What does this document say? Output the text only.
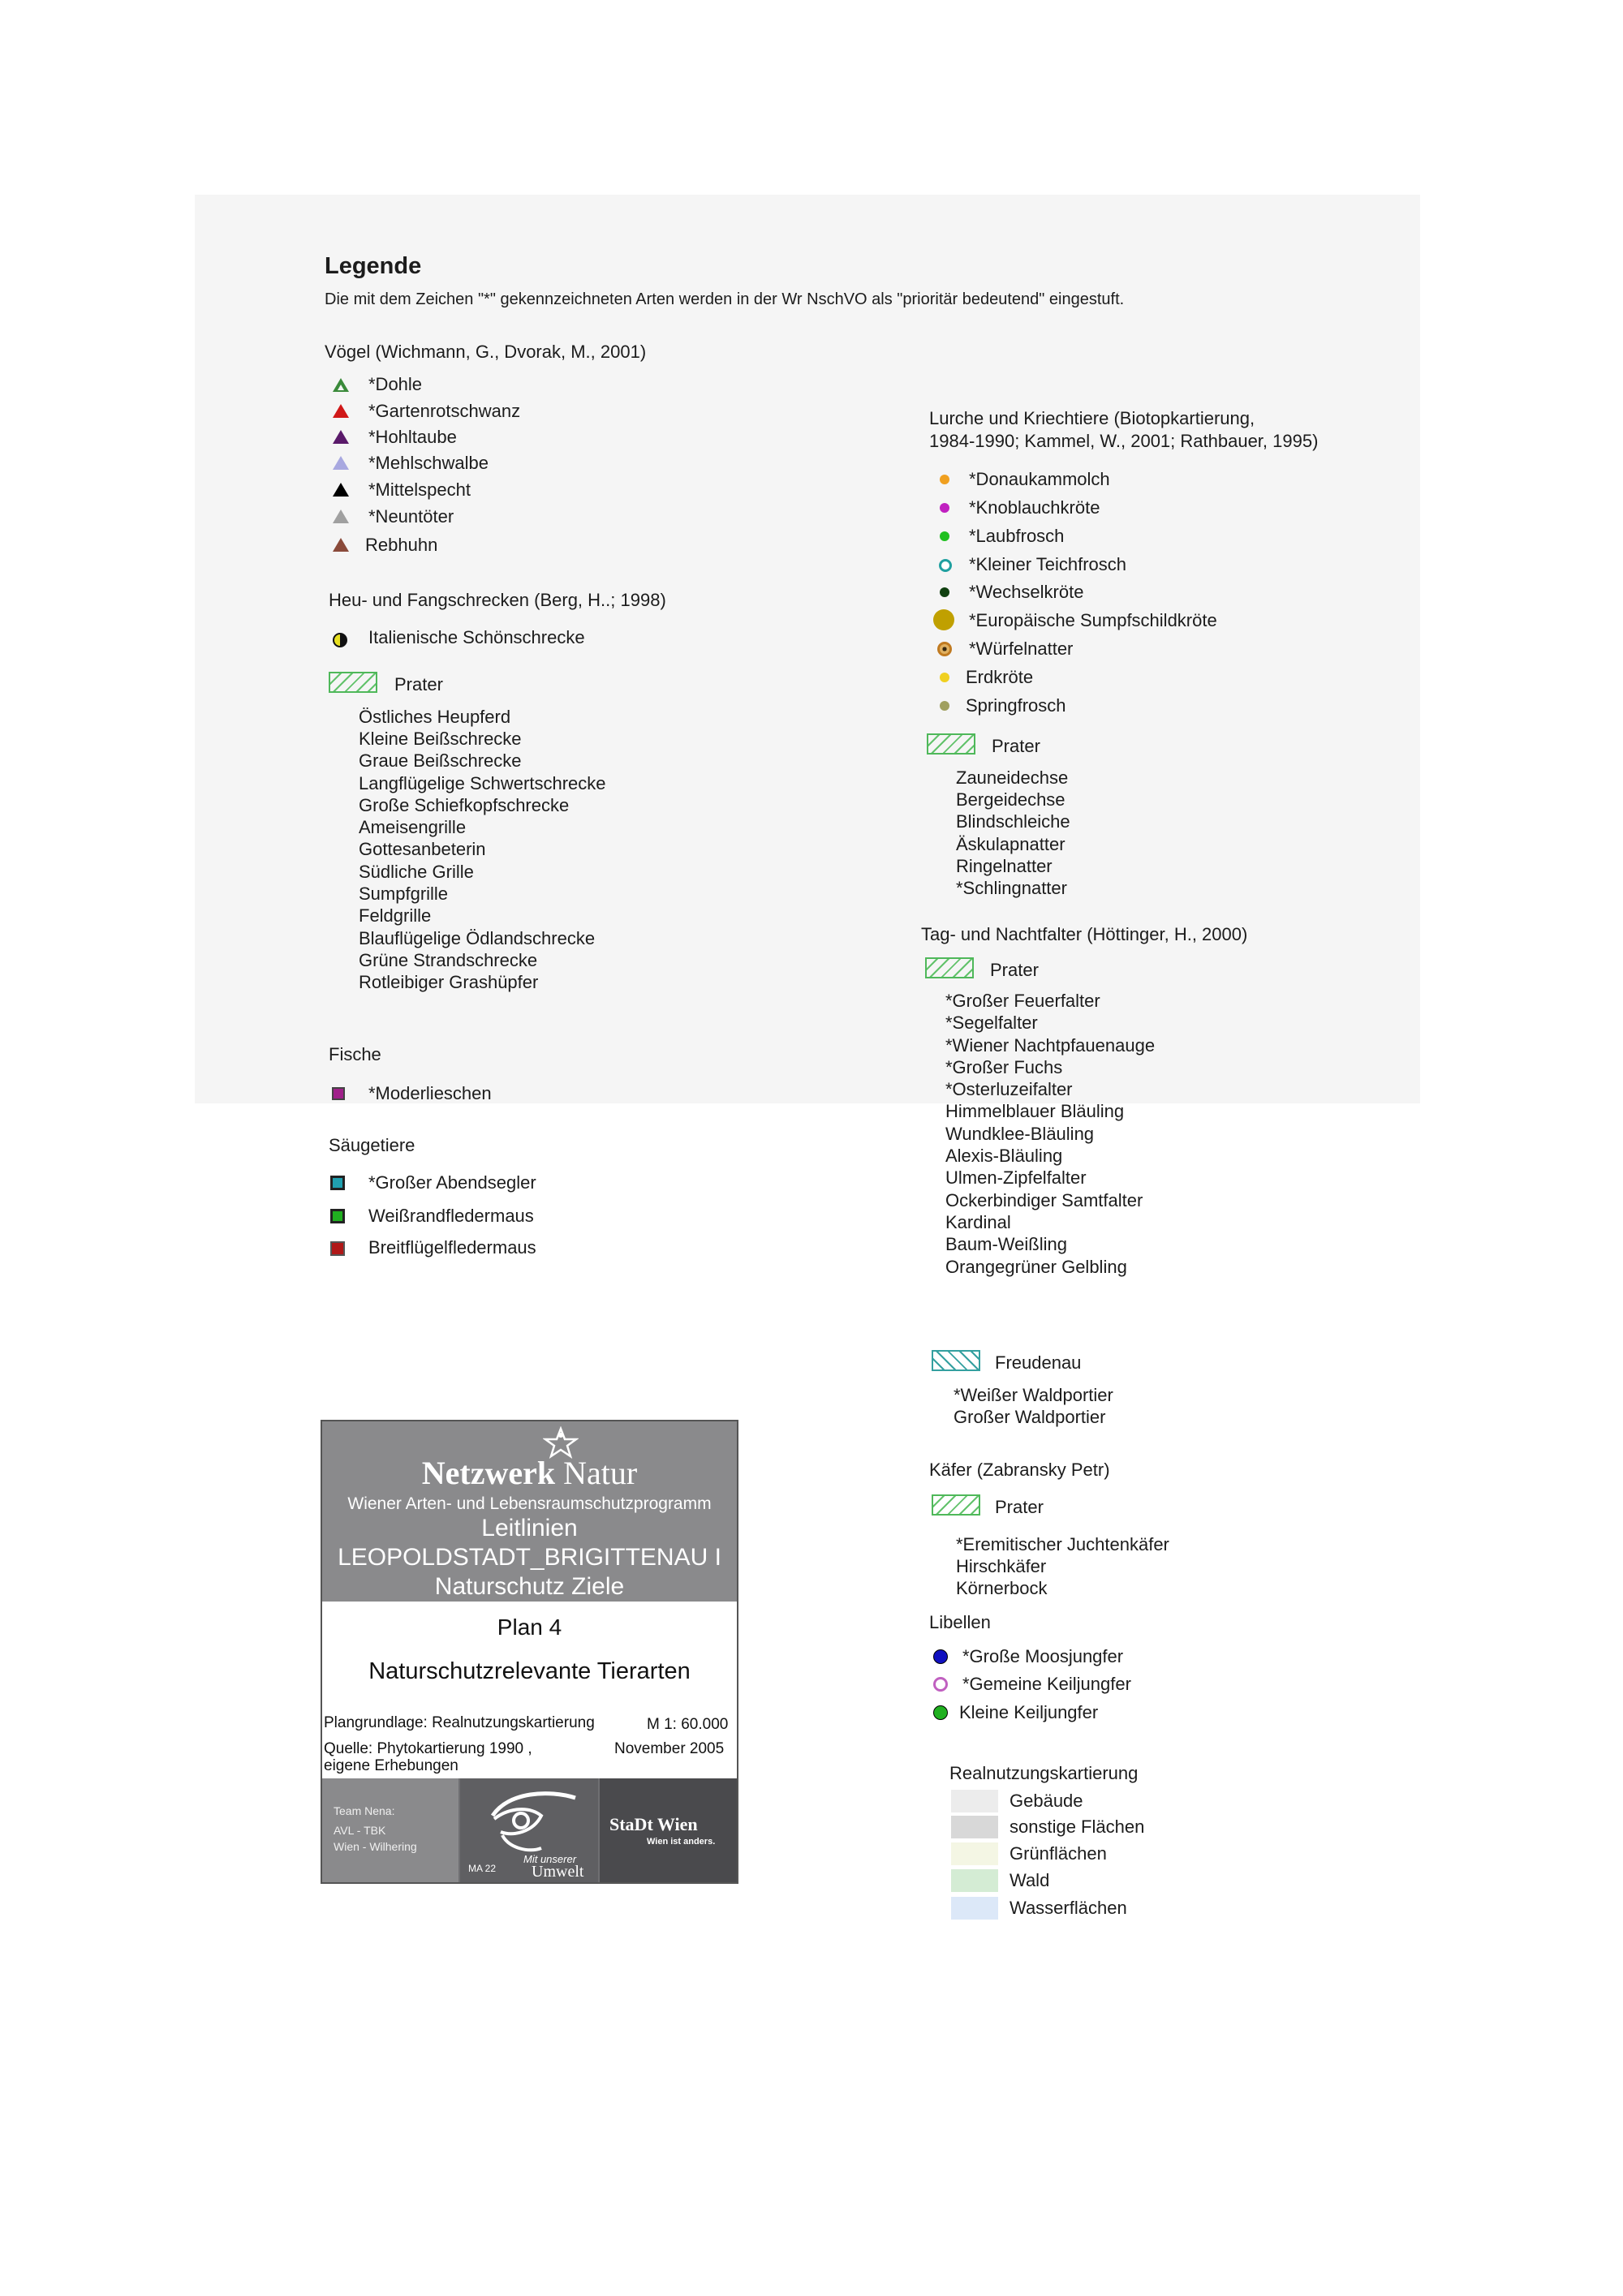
Legende
Die mit dem Zeichen "*" gekennzeichneten Arten werden in der Wr NschVO als "prioritär bedeutend" eingestuft.
Vögel (Wichmann, G., Dvorak, M., 2001)
*Dohle
*Gartenrotschwanz
*Hohltaube
*Mehlschwalbe
*Mittelspecht
*Neuntöter
Rebhuhn
Heu- und Fangschrecken (Berg, H..; 1998)
Italienische Schönschrecke
Prater
Östliches Heupferd
Kleine Beißschrecke
Graue Beißschrecke
Langflügelige Schwertschrecke
Große Schiefkopfschrecke
Ameisengrille
Gottesanbeterin
Südliche Grille
Sumpfgrille
Feldgrille
Blauflügelige Ödlandschrecke
Grüne Strandschrecke
Rotleibiger Grashüpfer
Fische
*Moderlieschen
Säugetiere
*Großer Abendsegler
Weißrandfledermaus
Breitflügelfledermaus
Lurche und Kriechtiere (Biotopkartierung,
1984-1990; Kammel, W., 2001; Rathbauer, 1995)
*Donaukammolch
*Knoblauchkröte
*Laubfrosch
*Kleiner Teichfrosch
*Wechselkröte
*Europäische Sumpfschildkröte
*Würfelnatter
Erdkröte
Springfrosch
Prater
Zauneidechse
Bergeidechse
Blindschleiche
Äskulapnatter
Ringelnatter
*Schlingnatter
Tag- und Nachtfalter (Höttinger, H., 2000)
Prater
*Großer Feuerfalter
*Segelfalter
*Wiener Nachtpfauenauge
*Großer Fuchs
*Osterluzeifalter
Himmelblauer Bläuling
Wundklee-Bläuling
Alexis-Bläuling
Ulmen-Zipfelfalter
Ockerbindiger Samtfalter
Kardinal
Baum-Weißling
Orangegrüner Gelbling
Freudenau
*Weißer Waldportier
Großer Waldportier
Käfer (Zabransky Petr)
Prater
*Eremitischer Juchtenkäfer
Hirschkäfer
Körnerbock
Libellen
*Große Moosjungfer
*Gemeine Keiljungfer
Kleine Keiljungfer
Realnutzungskartierung
Gebäude
sonstige Flächen
Grünflächen
Wald
Wasserflächen
Netzwerk Natur
Wiener Arten- und Lebensraumschutzprogramm
Leitlinien
LEOPOLDSTADT_BRIGITTENAU I
Naturschutz Ziele
Plan 4
Naturschutzrelevante Tierarten
Plangrundlage: Realnutzungskartierung	M 1: 60.000
Quelle: Phytokartierung 1990 ,
eigene Erhebungen
November 2005
Team Nena:
AVL - TBK
Wien - Wilhering
MA 22
Mit unserer
Umwelt
StaDt Wien
Wien ist anders.
